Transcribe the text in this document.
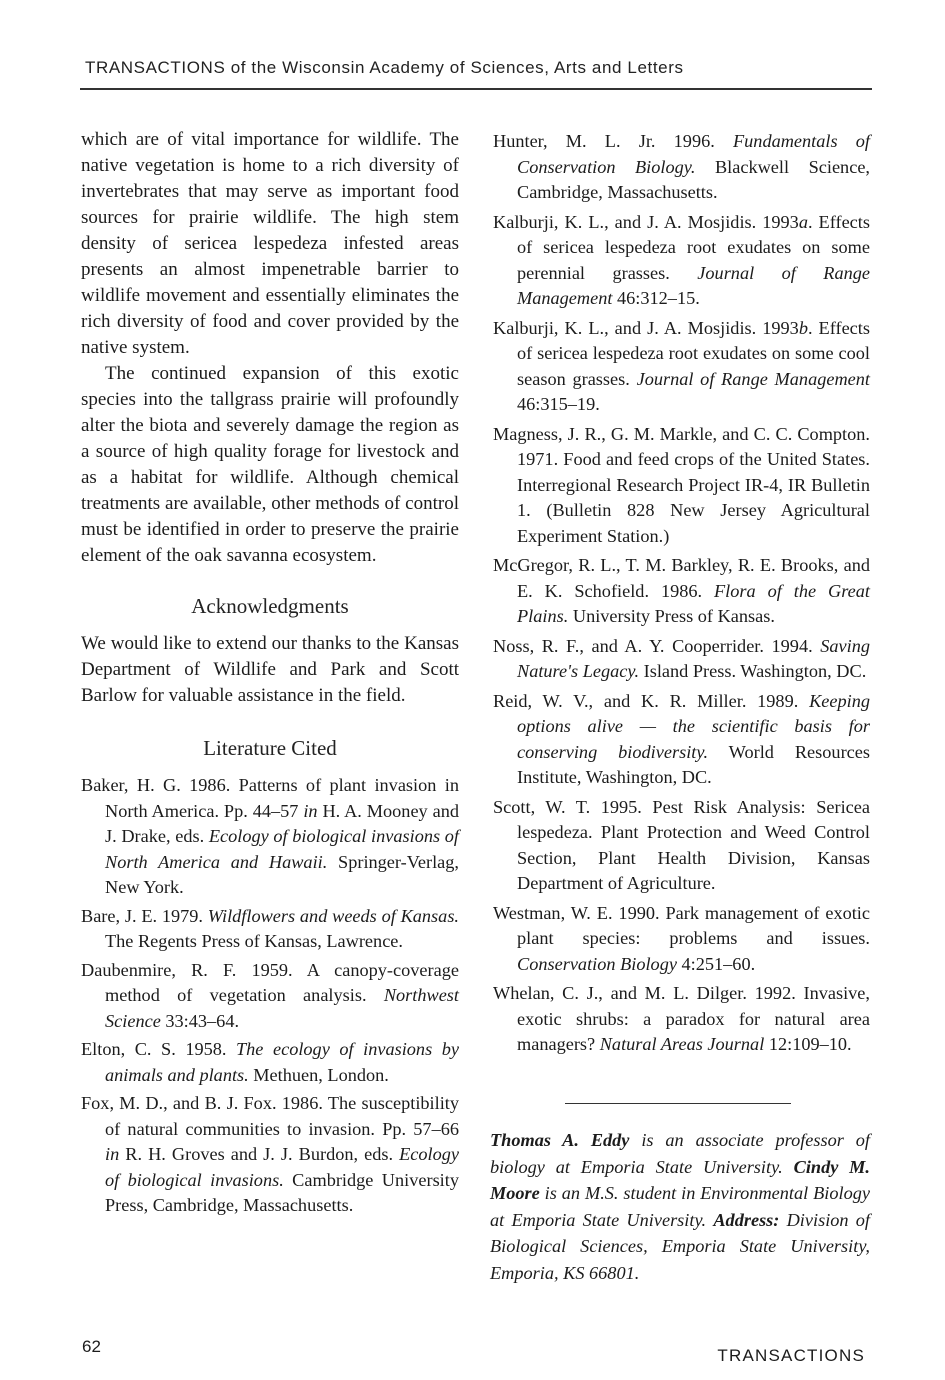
TRANSACTIONS of the Wisconsin Academy of Sciences, Arts and Letters

which are of vital importance for wildlife. The native vegetation is home to a rich diversity of invertebrates that may serve as important food sources for prairie wildlife. The high stem density of sericea lespedeza infested areas presents an almost impenetrable barrier to wildlife movement and essentially eliminates the rich diversity of food and cover provided by the native system.

The continued expansion of this exotic species into the tallgrass prairie will profoundly alter the biota and severely damage the region as a source of high quality forage for livestock and as a habitat for wildlife. Although chemical treatments are available, other methods of control must be identified in order to preserve the prairie element of the oak savanna ecosystem.

Acknowledgments

We would like to extend our thanks to the Kansas Department of Wildlife and Park and Scott Barlow for valuable assistance in the field.

Literature Cited

Baker, H. G. 1986. Patterns of plant invasion in North America. Pp. 44–57 in H. A. Mooney and J. Drake, eds. Ecology of biological invasions of North America and Hawaii. Springer-Verlag, New York.

Bare, J. E. 1979. Wildflowers and weeds of Kansas. The Regents Press of Kansas, Lawrence.

Daubenmire, R. F. 1959. A canopy-coverage method of vegetation analysis. Northwest Science 33:43–64.

Elton, C. S. 1958. The ecology of invasions by animals and plants. Methuen, London.

Fox, M. D., and B. J. Fox. 1986. The susceptibility of natural communities to invasion. Pp. 57–66 in R. H. Groves and J. J. Burdon, eds. Ecology of biological invasions. Cambridge University Press, Cambridge, Massachusetts.

Hunter, M. L. Jr. 1996. Fundamentals of Conservation Biology. Blackwell Science, Cambridge, Massachusetts.

Kalburji, K. L., and J. A. Mosjidis. 1993a. Effects of sericea lespedeza root exudates on some perennial grasses. Journal of Range Management 46:312–15.

Kalburji, K. L., and J. A. Mosjidis. 1993b. Effects of sericea lespedeza root exudates on some cool season grasses. Journal of Range Management 46:315–19.

Magness, J. R., G. M. Markle, and C. C. Compton. 1971. Food and feed crops of the United States. Interregional Research Project IR-4, IR Bulletin 1. (Bulletin 828 New Jersey Agricultural Experiment Station.)

McGregor, R. L., T. M. Barkley, R. E. Brooks, and E. K. Schofield. 1986. Flora of the Great Plains. University Press of Kansas.

Noss, R. F., and A. Y. Cooperrider. 1994. Saving Nature's Legacy. Island Press. Washington, DC.

Reid, W. V., and K. R. Miller. 1989. Keeping options alive — the scientific basis for conserving biodiversity. World Resources Institute, Washington, DC.

Scott, W. T. 1995. Pest Risk Analysis: Sericea lespedeza. Plant Protection and Weed Control Section, Plant Health Division, Kansas Department of Agriculture.

Westman, W. E. 1990. Park management of exotic plant species: problems and issues. Conservation Biology 4:251–60.

Whelan, C. J., and M. L. Dilger. 1992. Invasive, exotic shrubs: a paradox for natural area managers? Natural Areas Journal 12:109–10.

Thomas A. Eddy is an associate professor of biology at Emporia State University. Cindy M. Moore is an M.S. student in Environmental Biology at Emporia State University. Address: Division of Biological Sciences, Emporia State University, Emporia, KS 66801.
62	TRANSACTIONS
